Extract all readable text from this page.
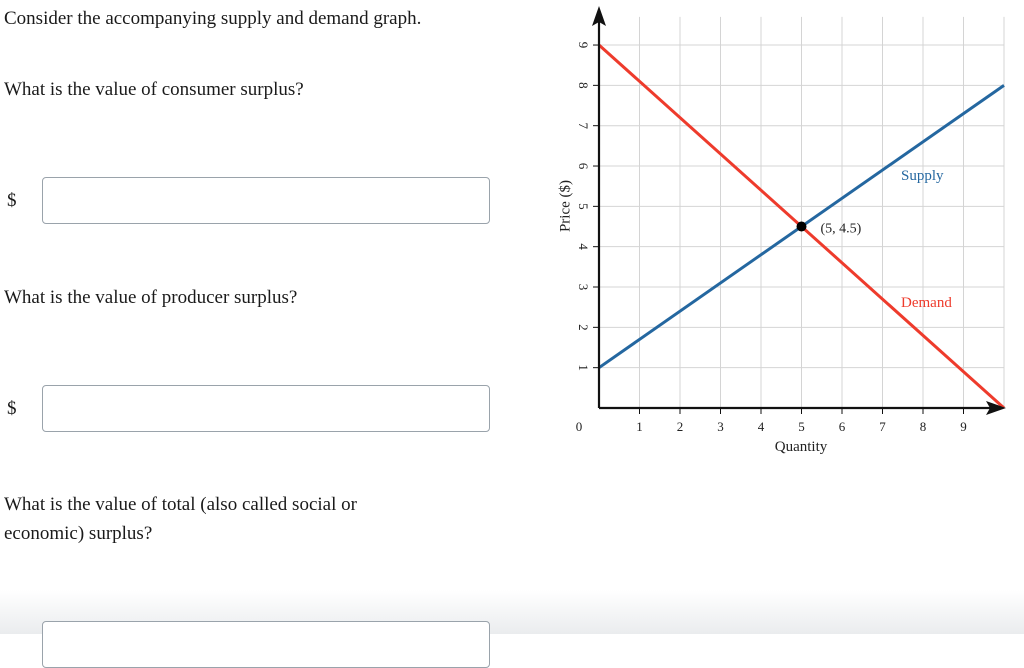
Consider the accompanying supply and demand graph.

What is the value of consumer surplus?

$

What is the value of producer surplus?

$

What is the value of total (also called social or economic) surplus?

0	1	2	3	4	5	6	7	8	9
1
2
3
4
5
6
7
8
9
Quantity
Price ($)
Supply
Demand
(5, 4.5)
